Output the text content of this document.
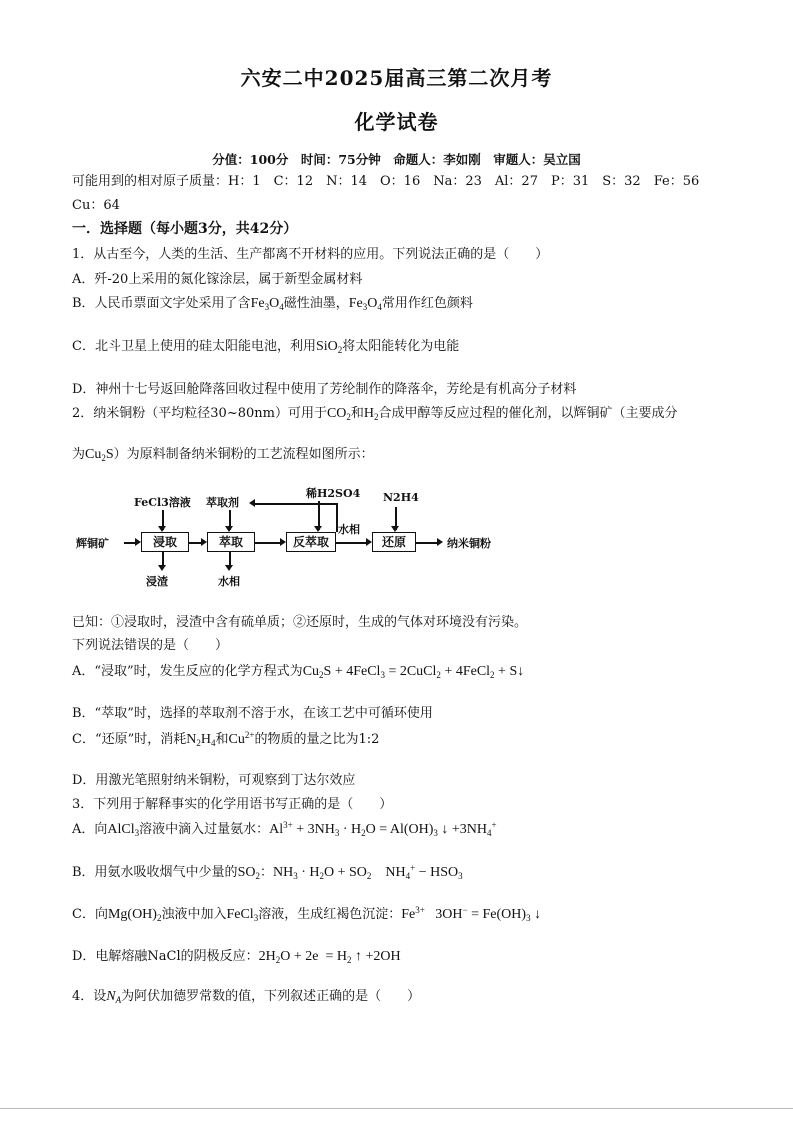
六安二中2025届高三第二次月考
化学试卷
分值：100分　时间：75分钟　命题人：李如刚　审题人：吴立国
可能用到的相对原子质量：H：1　C：12　N：14　O：16　Na：23　Al：27　P：31　S：32　Fe：56
Cu：64
一．选择题（每小题3分，共42分）
1．从古至今，人类的生活、生产都离不开材料的应用。下列说法正确的是（　　）
A．歼-20上采用的氮化镓涂层，属于新型金属材料
B．人民币票面文字处采用了含$Fe_3O_4$磁性油墨，$Fe_3O_4$常用作红色颜料
C．北斗卫星上使用的硅太阳能电池，利用SiO$_2$将太阳能转化为电能
D．神州十七号返回舱降落回收过程中使用了芳纶制作的降落伞，芳纶是有机高分子材料
2．纳米铜粉（平均粒径30~80nm）可用于$CO_2$和$H_2$合成甲醇等反应过程的催化剂，以辉铜矿（主要成分
为$Cu_2S$）为原料制备纳米铜粉的工艺流程如图所示：
FeCl3溶液 萃取剂
稀H2SO4 N2H4
辉铜矿	浸取	萃取	反萃取	还原
水相
纳米铜粉
浸渣	水相
已知：①浸取时，浸渣中含有硫单质；②还原时，生成的气体对环境没有污染。
下列说法错误的是（　　）
A．“浸取”时，发生反应的化学方程式为$Cu_2S$ + 4FeCl$_3$ = 2CuCl$_2$ + 4FeCl$_2$ + S↓
B．“萃取”时，选择的萃取剂不溶于水，在该工艺中可循环使用
C．“还原”时，消耗$N_2H_4$和$Cu^{2+}$的物质的量之比为1:2
D．用激光笔照射纳米铜粉，可观察到丁达尔效应
3．下列用于解释事实的化学用语书写正确的是（　　）
A．向AlCl$_3$溶液中滴入过量氨水：$Al^{3+} + 3NH_3 \cdot H_2O = Al(OH)_3$ ↓ $+3NH_4^+$
B．用氨水吸收烟气中少量的$SO_2$：$NH_3 \cdot H_2O + SO_2$    $NH_4^+ - HSO_3$
C．向$Mg(OH)_2$浊液中加入FeCl$_3$溶液，生成红褐色沉淀：$Fe^{3+}$   $3OH^- = Fe(OH)_3$ ↓
D．电解熔融NaCl的阴极反应：$2H_2O + 2e = H_2$ ↑ +2OH
4．设$N_A$为阿伏加德罗常数的值，下列叙述正确的是（　　）
